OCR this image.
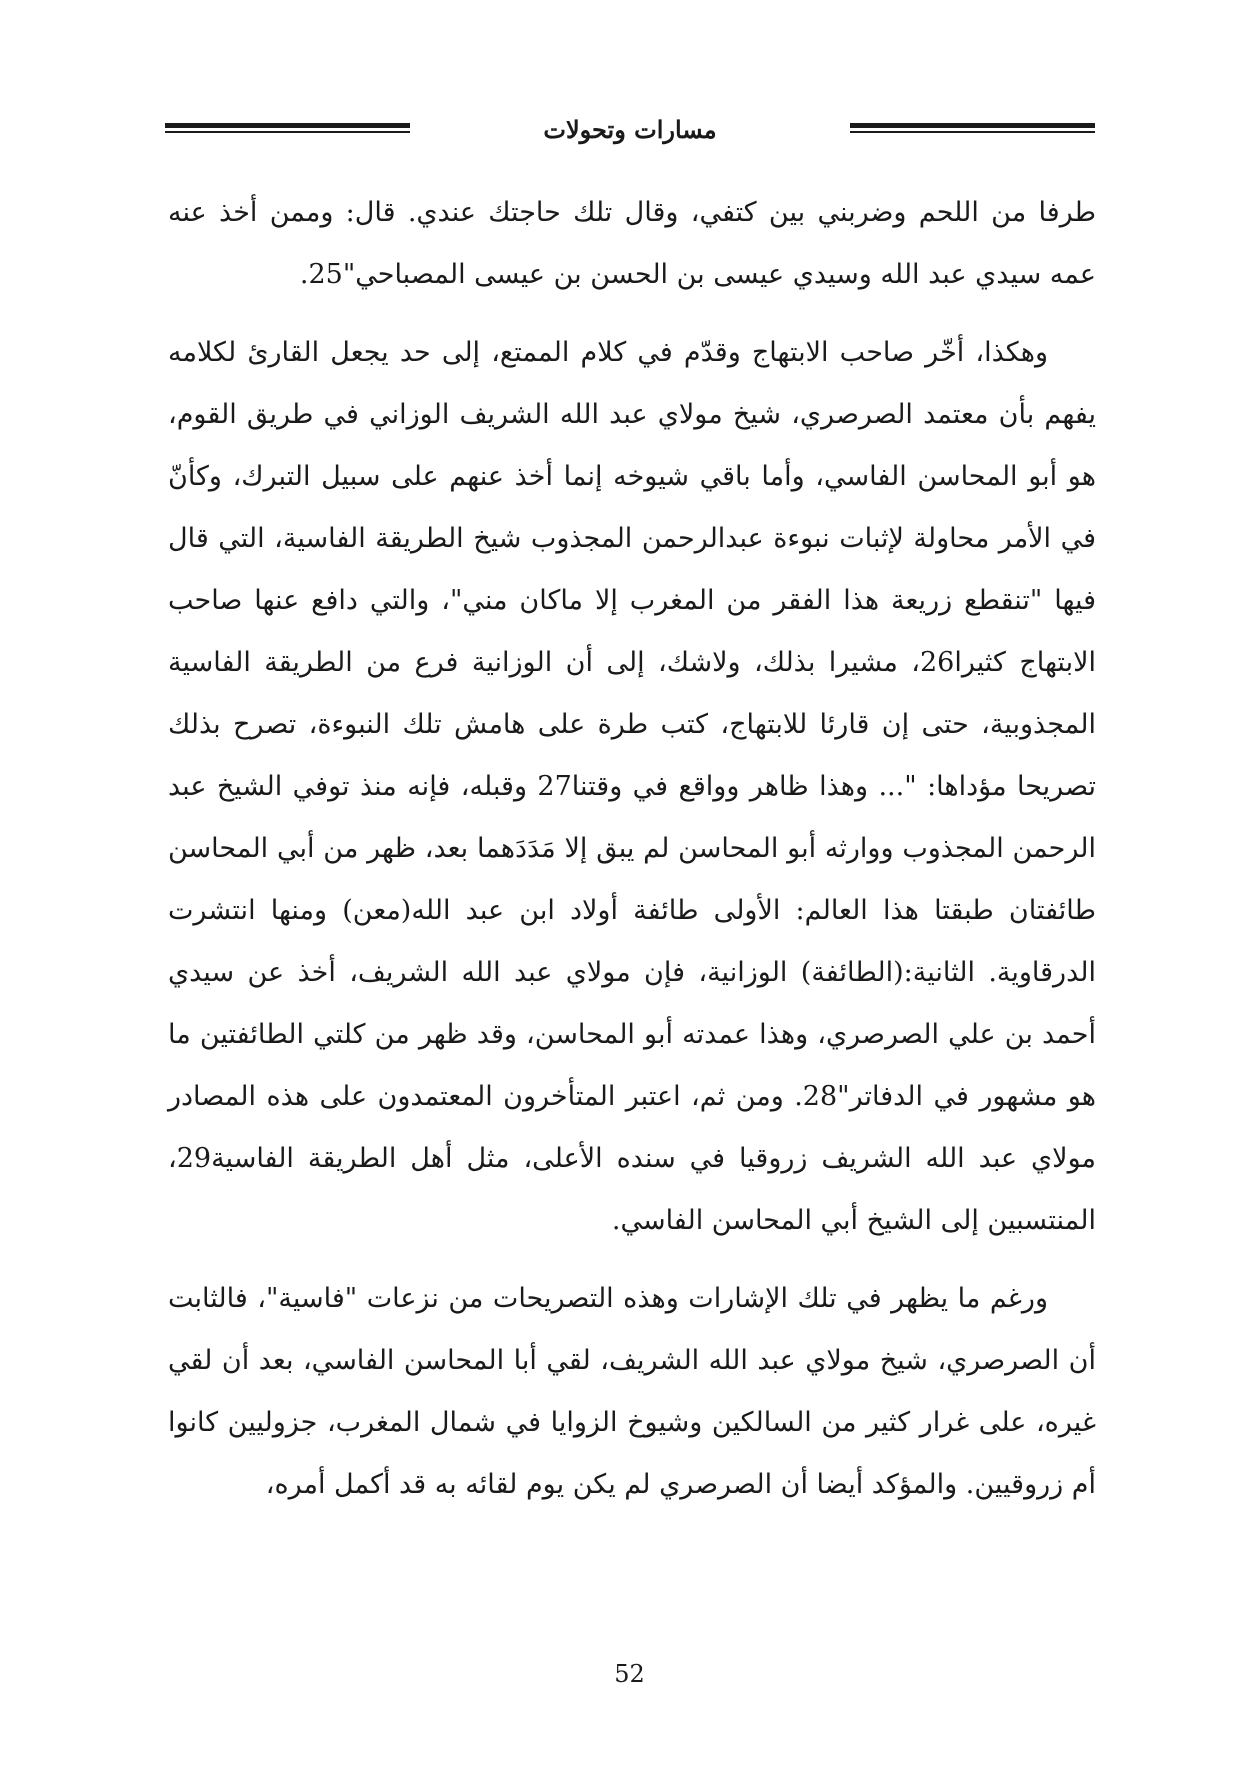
مسارات وتحولات

طرفا من اللحم وضربني بين كتفي، وقال تلك حاجتك عندي. قال: وممن أخذ عنه عمه سيدي عبد الله وسيدي عيسى بن الحسن بن عيسى المصباحي"25.

وهكذا، أخّر صاحب الابتهاج وقدّم في كلام الممتع، إلى حد يجعل القارئ لكلامه يفهم بأن معتمد الصرصري، شيخ مولاي عبد الله الشريف الوزاني في طريق القوم، هو أبو المحاسن الفاسي، وأما باقي شيوخه إنما أخذ عنهم على سبيل التبرك، وكأنّ في الأمر محاولة لإثبات نبوءة عبدالرحمن المجذوب شيخ الطريقة الفاسية، التي قال فيها "تنقطع زريعة هذا الفقر من المغرب إلا ماكان مني"، والتي دافع عنها صاحب الابتهاج كثيرا26، مشيرا بذلك، ولاشك، إلى أن الوزانية فرع من الطريقة الفاسية المجذوبية، حتى إن قارئا للابتهاج، كتب طرة على هامش تلك النبوءة، تصرح بذلك تصريحا مؤداها: "... وهذا ظاهر وواقع في وقتنا27 وقبله، فإنه منذ توفي الشيخ عبد الرحمن المجذوب ووارثه أبو المحاسن لم يبق إلا مَدَدَهما بعد، ظهر من أبي المحاسن طائفتان طبقتا هذا العالم: الأولى طائفة أولاد ابن عبد الله(معن) ومنها انتشرت الدرقاوية. الثانية:(الطائفة) الوزانية، فإن مولاي عبد الله الشريف، أخذ عن سيدي أحمد بن علي الصرصري، وهذا عمدته أبو المحاسن، وقد ظهر من كلتي الطائفتين ما هو مشهور في الدفاتر"28. ومن ثم، اعتبر المتأخرون المعتمدون على هذه المصادر مولاي عبد الله الشريف زروقيا في سنده الأعلى، مثل أهل الطريقة الفاسية29، المنتسبين إلى الشيخ أبي المحاسن الفاسي.

ورغم ما يظهر في تلك الإشارات وهذه التصريحات من نزعات "فاسية"، فالثابت أن الصرصري، شيخ مولاي عبد الله الشريف، لقي أبا المحاسن الفاسي، بعد أن لقي غيره، على غرار كثير من السالكين وشيوخ الزوايا في شمال المغرب، جزوليين كانوا أم زروقيين. والمؤكد أيضا أن الصرصري لم يكن يوم لقائه به قد أكمل أمره،

52
